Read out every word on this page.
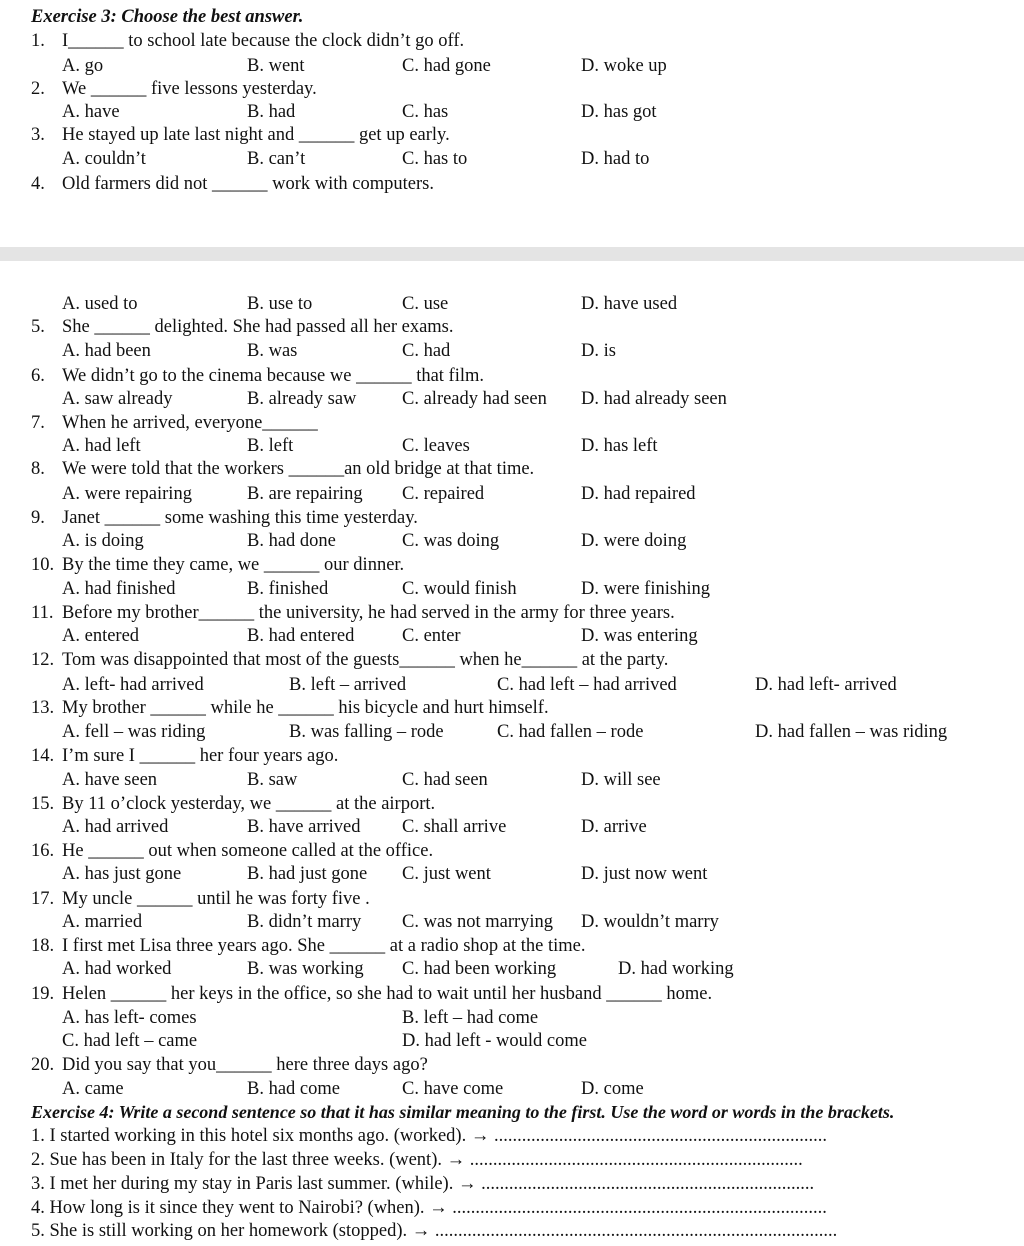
Exercise 3: Choose the best answer.
1. I______ to school late because the clock didn’t go off.
A. go	B. went	C. had gone	D. woke up
2. We ______ five lessons yesterday.
A. have	B. had	C. has	D. has got
3. He stayed up late last night and ______ get up early.
A. couldn’t	B. can’t	C. has to	D. had to
4. Old farmers did not ______ work with computers.
A. used to	B. use to	C. use	D. have used
5. She ______ delighted. She had passed all her exams.
A. had been	B. was	C. had	D. is
6. We didn’t go to the cinema because we ______ that film.
A. saw already	B. already saw C. already had seen D. had already seen
7. When he arrived, everyone______
A. had left	B. left	C. leaves	D. has left
8. We were told that the workers ______an old bridge at that time.
A. were repairing	B. are repairing C. repaired	D. had repaired
9. Janet ______ some washing this time yesterday.
A. is doing	B. had done	C. was doing	D. were doing
10. By the time they came, we ______ our dinner.
A. had finished	B. finished	C. would finish	D. were finishing
11. Before my brother______ the university, he had served in the army for three years.
A. entered	B. had entered	C. enter	D. was entering
12. Tom was disappointed that most of the guests______ when he______ at the party.
A. left- had arrived	B. left – arrived	C. had left – had arrived	D. had left- arrived
13. My brother ______ while he ______ his bicycle and hurt himself.
A. fell – was riding	B. was falling – rode	C. had fallen – rode	D. had fallen – was riding
14. I’m sure I ______ her four years ago.
A. have seen	B. saw	C. had seen	D. will see
15. By 11 o’clock yesterday, we ______ at the airport.
A. had arrived	B. have arrived C. shall arrive	D. arrive
16. He ______ out when someone called at the office.
A. has just gone	B. had just gone C. just went	D. just now went
17. My uncle ______ until he was forty five .
A. married	B. didn’t marry C. was not marrying D. wouldn’t marry
18. I first met Lisa three years ago. She ______ at a radio shop at the time.
A. had worked	B. was working C. had been working	D. had working
19. Helen ______ her keys in the office, so she had to wait until her husband ______ home.
A. has left- comes	B. left – had come
C. had left – came	D. had left - would come
20. Did you say that you______ here three days ago?
A. came	B. had come	C. have come	D. come
Exercise 4: Write a second sentence so that it has similar meaning to the first. Use the word or words in the brackets.
1. I started working in this hotel six months ago. (worked). → ........................................................................
2. Sue has been in Italy for the last three weeks. (went). → ........................................................................
3. I met her during my stay in Paris last summer. (while). → ........................................................................
4. How long is it since they went to Nairobi? (when). → .................................................................................
5. She is still working on her homework (stopped). → .......................................................................................
